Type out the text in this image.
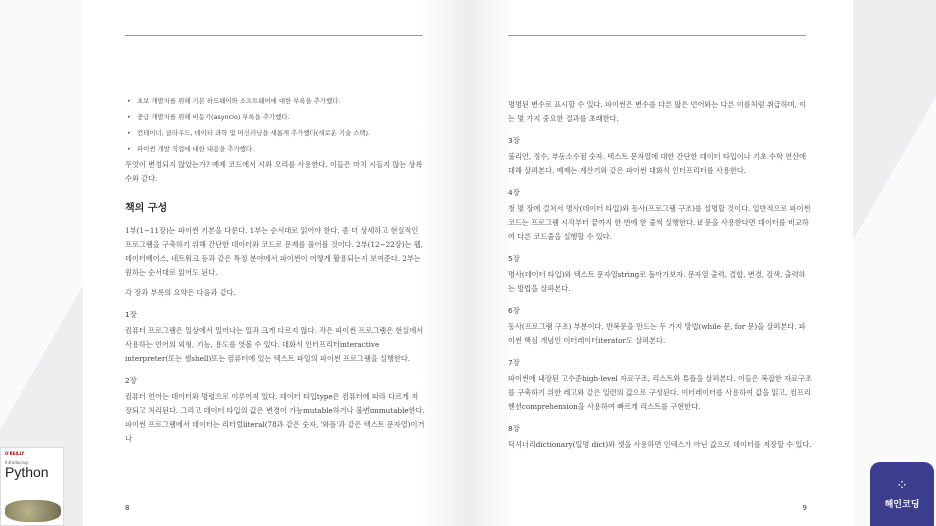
• 초보 개발자를 위해 기본 하드웨어와 소프트웨어에 대한 부록을 추가했다.
• 중급 개발자를 위해 비동기(asyncio) 부록을 추가했다.
• 컨테이너, 클라우드, 데이터 과학 및 머신러닝을 새롭게 추가했다(새로운 기술 스택).
• 파이썬 개발 직업에 대한 내용을 추가했다.

무엇이 변경되지 않았는가? 예제 코드에서 시와 오리를 사용한다. 이들은 마치 시들지 않는 상록수와 같다.

책의 구성

1부(1~11장)는 파이썬 기본을 다룬다. 1부는 순서대로 읽어야 한다. 좀 더 상세하고 현실적인 프로그램을 구축하기 위해 간단한 데이터와 코드로 문제를 풀어볼 것이다. 2부(12~22장)는 웹, 데이터베이스, 네트워크 등과 같은 특정 분야에서 파이썬이 어떻게 활용되는지 보여준다. 2부는 원하는 순서대로 읽어도 된다.

각 장과 부록의 요약은 다음과 같다.

1장

컴퓨터 프로그램은 일상에서 일어나는 일과 크게 다르지 않다. 작은 파이썬 프로그램은 현실에서 사용하는 언어의 외형, 기능, 용도를 엿볼 수 있다. 대화식 인터프리터interactive interpreter(또는 셸shell)또는 컴퓨터에 있는 텍스트 파일의 파이썬 프로그램을 실행한다.

2장

컴퓨터 언어는 데이터와 명령으로 이루어져 있다. 데이터 타입type은 컴퓨터에 따라 다르게 저장되고 처리된다. 그리고 데이터 타입의 값은 변경이 가능mutable하거나 불변immutable한다. 파이썬 프로그램에서 데이터는 리터럴literal(78과 같은 숫자, '와플'과 같은 텍스트 문자열)이거나

8

명명된 변수로 표시할 수 있다. 파이썬은 변수를 다른 많은 언어와는 다른 이름처럼 취급하며, 이는 몇 가지 중요한 결과를 초래한다.

3장

불리언, 정수, 부동소수점 숫자. 텍스트 문자열에 대한 간단한 데이터 타입이나 기초 수학 연산에 대해 살펴본다. 예제는 계산기와 같은 파이썬 대화식 인터프리터를 사용한다.

4장

첫 몇 장에 걸쳐서 명사(데이터 타입)와 동사(프로그램 구조)를 설명할 것이다. 일반적으로 파이썬 코드는 프로그램 시작부터 끝까지 한 번에 한 줄씩 실행한다. if 문을 사용한다면 데이터를 비교하여 다른 코드줄을 실행할 수 있다.

5장

명사(데이터 타입)와 텍스트 문자열string로 돌아가보자. 문자열 출력, 결합, 변경, 검색, 출력하는 방법을 살펴본다.

6장

동사(프로그램 구조) 부분이다. 반복문을 만드는 두 가지 방법(while 문, for 문)을 살펴본다. 파이썬 핵심 개념인 이터레이터iterator도 살펴본다.

7장

파이썬에 내장된 고수준high-level 자료구조, 리스트와 튜플을 살펴본다. 이들은 복잡한 자료구조를 구축하기 위한 레고와 같은 일련의 값으로 구성된다. 이터레이터를 사용하여 값을 읽고, 컴프리헨션comprehension을 사용하여 빠르게 리스트를 구현한다.

8장

딕셔너리dictionary(일명 dict)와 셋을 사용하면 인덱스가 아닌 값으로 데이터를 저장할 수 있다.

9
O'REILLY
Introducing
Python
⁘
해인코딩
